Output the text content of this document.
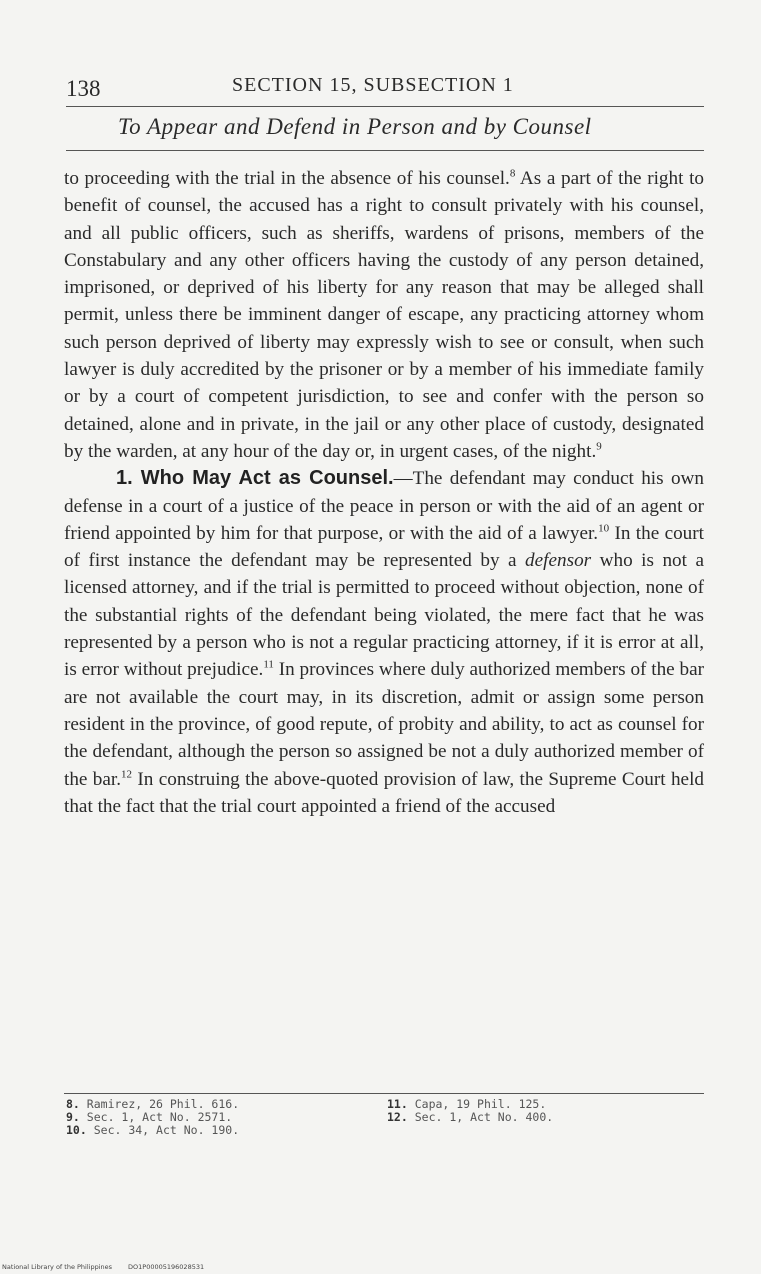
138	SECTION 15, SUBSECTION 1
To Appear and Defend in Person and by Counsel

to proceeding with the trial in the absence of his counsel.$^8$ As a part of the right to benefit of counsel, the accused has a right to consult privately with his counsel, and all public officers, such as sheriffs, wardens of prisons, members of the Constabulary and any other officers having the custody of any person detained, imprisoned, or deprived of his liberty for any reason that may be alleged shall permit, unless there be imminent danger of escape, any practicing attorney whom such person deprived of liberty may expressly wish to see or consult, when such lawyer is duly accredited by the prisoner or by a member of his immediate family or by a court of competent jurisdiction, to see and confer with the person so detained, alone and in private, in the jail or any other place of custody, designated by the warden, at any hour of the day or, in urgent cases, of the night.$^9$

1. Who May Act as Counsel.—The defendant may conduct his own defense in a court of a justice of the peace in person or with the aid of an agent or friend appointed by him for that purpose, or with the aid of a lawyer.$^{10}$ In the court of first instance the defendant may be represented by a defensor who is not a licensed attorney, and if the trial is permitted to proceed without objection, none of the substantial rights of the defendant being violated, the mere fact that he was represented by a person who is not a regular practicing attorney, if it is error at all, is error without prejudice.$^{11}$ In provinces where duly authorized members of the bar are not available the court may, in its discretion, admit or assign some person resident in the province, of good repute, of probity and ability, to act as counsel for the defendant, although the person so assigned be not a duly authorized member of the bar.$^{12}$ In construing the above-quoted provision of law, the Supreme Court held that the fact that the trial court appointed a friend of the accused

8. Ramirez, 26 Phil. 616.
9. Sec. 1, Act No. 2571.
10. Sec. 34, Act No. 190.
11. Capa, 19 Phil. 125.
12. Sec. 1, Act No. 400.
National Library of the Philippines DO1P00005196028531
